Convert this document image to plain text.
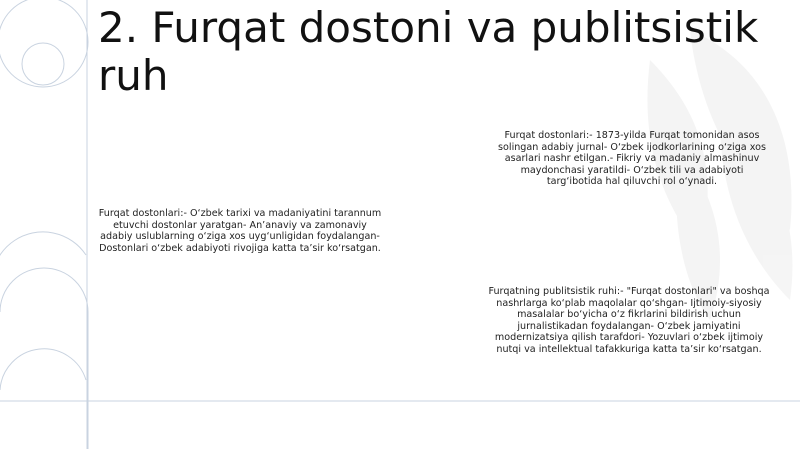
2. Furqat dostoni va publitsistik ruh
Furqat dostonlari:- O‘zbek tarixi va madaniyatini tarannum etuvchi dostonlar yaratgan- An’anaviy va zamonaviy adabiy uslublarning o‘ziga xos uyg‘unligidan foydalangan- Dostonlari o‘zbek adabiyoti rivojiga katta ta’sir ko‘rsatgan.
Furqat dostonlari:- 1873-yilda Furqat tomonidan asos solingan adabiy jurnal- O‘zbek ijodkorlarining o‘ziga xos asarlari nashr etilgan.- Fikriy va madaniy almashinuv maydonchasi yaratildi- O‘zbek tili va adabiyoti targ‘ibotida hal qiluvchi rol o‘ynadi.
Furqatning publitsistik ruhi:- "Furqat dostonlari" va boshqa nashrlarga ko‘plab maqolalar qo‘shgan- Ijtimoiy-siyosiy masalalar bo‘yicha o‘z fikrlarini bildirish uchun jurnalistikadan foydalangan- O‘zbek jamiyatini modernizatsiya qilish tarafdori- Yozuvlari o‘zbek ijtimoiy nutqi va intellektual tafakkuriga katta ta’sir ko‘rsatgan.
